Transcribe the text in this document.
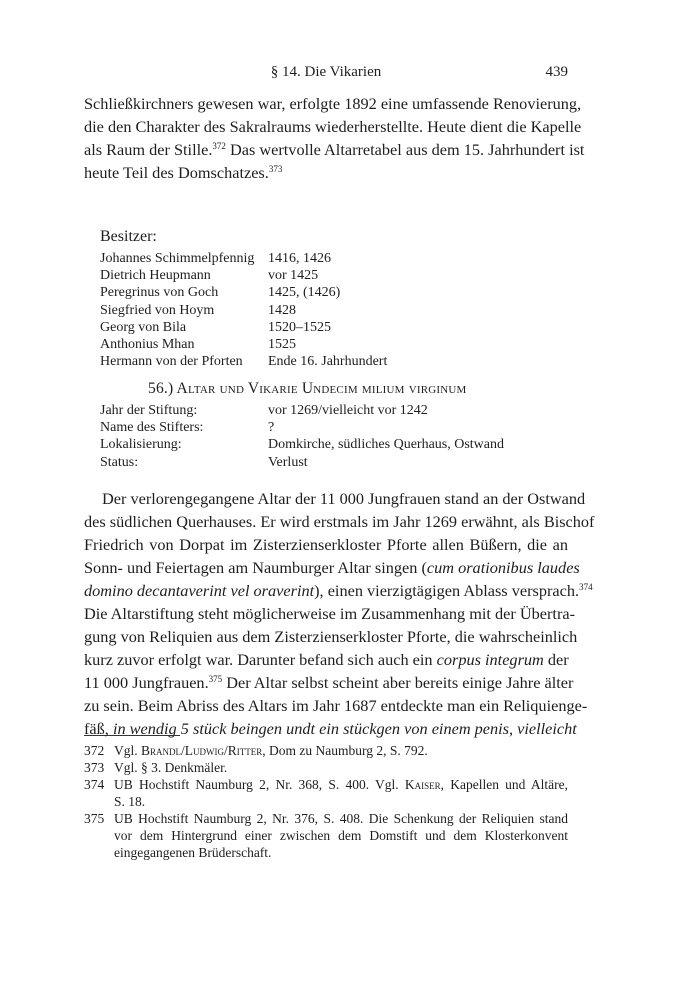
§ 14. Die Vikarien	439

Schließkirchners gewesen war, erfolgte 1892 eine umfassende Renovierung,
die den Charakter des Sakralraums wiederherstellte. Heute dient die Kapelle
als Raum der Stille.$^{372}$ Das wertvolle Altarretabel aus dem 15. Jahrhundert ist
heute Teil des Domschatzes.$^{373}$

Besitzer:
Johannes Schimmelpfennig 1416, 1426
Dietrich Heupmann	vor 1425
Peregrinus von Goch	1425, (1426)
Siegfried von Hoym	1428
Georg von Bila	1520–1525
Anthonius Mhan	1525
Hermann von der Pforten	Ende 16. Jahrhundert
56.) Altar und Vikarie Undecim milium virginum
Jahr der Stiftung:	vor 1269/vielleicht vor 1242
Name des Stifters:	?
Lokalisierung:	Domkirche, südliches Querhaus, Ostwand
Status:	Verlust

Der verlorengegangene Altar der 11 000 Jungfrauen stand an der Ostwand
des südlichen Querhauses. Er wird erstmals im Jahr 1269 erwähnt, als Bischof
Friedrich von Dorpat im Zisterzienserkloster Pforte allen Büßern, die an
Sonn- und Feiertagen am Naumburger Altar singen (cum orationibus laudes
domino decantaverint vel oraverint), einen vierzigtägigen Ablass versprach.$^{374}$
Die Altarstiftung steht möglicherweise im Zusammenhang mit der Übertra-
gung von Reliquien aus dem Zisterzienserkloster Pforte, die wahrscheinlich
kurz zuvor erfolgt war. Darunter befand sich auch ein corpus integrum der
11 000 Jungfrauen.$^{375}$ Der Altar selbst scheint aber bereits einige Jahre älter
zu sein. Beim Abriss des Altars im Jahr 1687 entdeckte man ein Reliquienge-
fäß, in wendig 5 stück beingen undt ein stückgen von einem penis, vielleicht

372 Vgl. Brandl/Ludwig/Ritter, Dom zu Naumburg 2, S. 792.
373 Vgl. § 3. Denkmäler.
374 UB Hochstift Naumburg 2, Nr. 368, S. 400. Vgl. Kaiser, Kapellen und Altäre,
S. 18.
375 UB Hochstift Naumburg 2, Nr. 376, S. 408. Die Schenkung der Reliquien stand
vor dem Hintergrund einer zwischen dem Domstift und dem Klosterkonvent
eingegangenen Brüderschaft.
